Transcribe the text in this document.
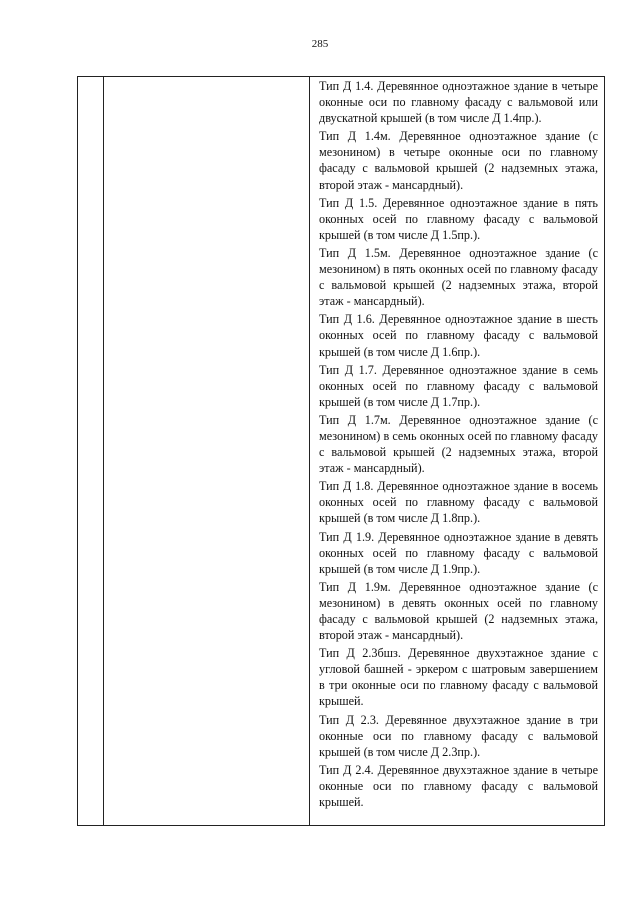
285

Тип Д 1.4. Деревянное одноэтажное здание в четыре оконные оси по главному фасаду с вальмовой или двускатной крышей (в том числе Д 1.4пр.).

Тип Д 1.4м. Деревянное одноэтажное здание (с мезонином) в четыре оконные оси по главному фасаду с вальмовой крышей (2 надземных этажа, второй этаж - мансардный).

Тип Д 1.5. Деревянное одноэтажное здание в пять оконных осей по главному фасаду с вальмовой крышей (в том числе Д 1.5пр.).

Тип Д 1.5м. Деревянное одноэтажное здание (с мезонином) в пять оконных осей по главному фасаду с вальмовой крышей (2 надземных этажа, второй этаж - мансардный).

Тип Д 1.6. Деревянное одноэтажное здание в шесть оконных осей по главному фасаду с вальмовой крышей (в том числе Д 1.6пр.).

Тип Д 1.7. Деревянное одноэтажное здание в семь оконных осей по главному фасаду с вальмовой крышей (в том числе Д 1.7пр.).

Тип Д 1.7м. Деревянное одноэтажное здание (с мезонином) в семь оконных осей по главному фасаду с вальмовой крышей (2 надземных этажа, второй этаж - мансардный).

Тип Д 1.8. Деревянное одноэтажное здание в восемь оконных осей по главному фасаду с вальмовой крышей (в том числе Д 1.8пр.).

Тип Д 1.9. Деревянное одноэтажное здание в девять оконных осей по главному фасаду с вальмовой крышей (в том числе Д 1.9пр.).

Тип Д 1.9м. Деревянное одноэтажное здание (с мезонином) в девять оконных осей по главному фасаду с вальмовой крышей (2 надземных этажа, второй этаж - мансардный).

Тип Д 2.3бшз. Деревянное двухэтажное здание с угловой башней - эркером с шатровым завершением в три оконные оси по главному фасаду с вальмовой крышей.

Тип Д 2.3. Деревянное двухэтажное здание в три оконные оси по главному фасаду с вальмовой крышей (в том числе Д 2.3пр.).

Тип Д 2.4. Деревянное двухэтажное здание в четыре оконные оси по главному фасаду с вальмовой крышей.
